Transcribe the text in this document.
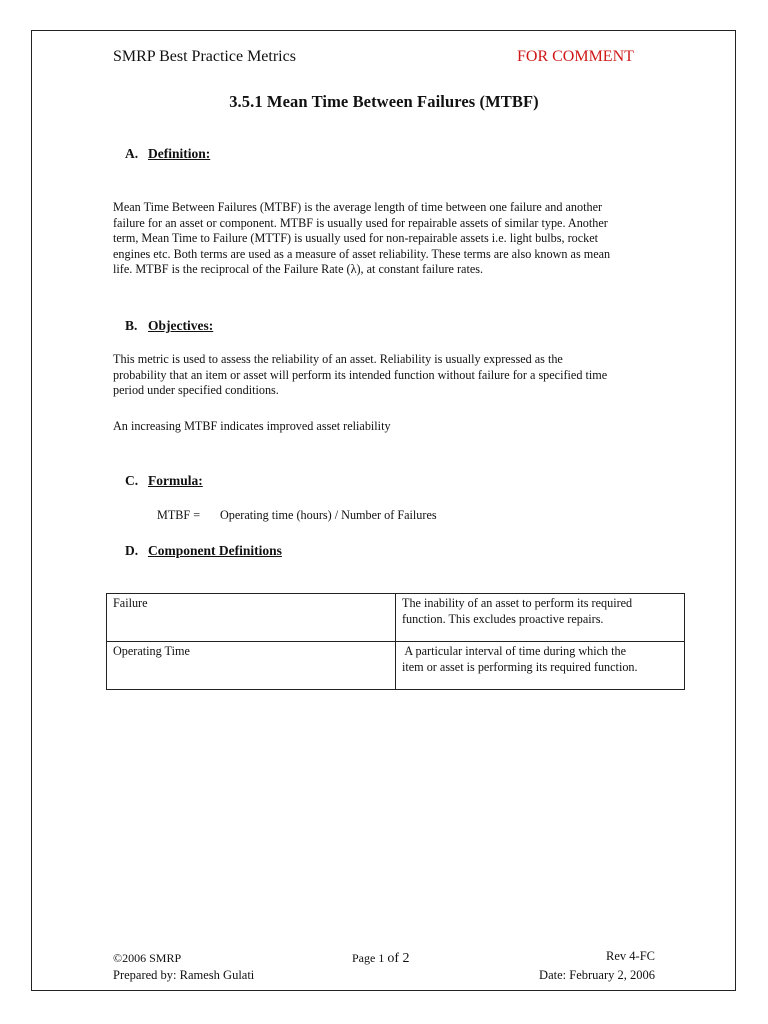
SMRP Best Practice Metrics	FOR COMMENT
3.5.1 Mean Time Between Failures (MTBF)
A. Definition:

Mean Time Between Failures (MTBF) is the average length of time between one failure and another

failure for an asset or component. MTBF is usually used for repairable assets of similar type. Another

term, Mean Time to Failure (MTTF) is usually used for non-repairable assets i.e. light bulbs, rocket

engines etc. Both terms are used as a measure of asset reliability. These terms are also known as mean

life. MTBF is the reciprocal of the Failure Rate (λ), at constant failure rates.

B. Objectives:

This metric is used to assess the reliability of an asset. Reliability is usually expressed as the

probability that an item or asset will perform its intended function without failure for a specified time

period under specified conditions.

An increasing MTBF indicates improved asset reliability

C. Formula:
MTBF = Operating time (hours) / Number of Failures
D. Component Definitions
Failure	The inability of an asset to perform its required
function. This excludes proactive repairs.

Operating Time	A particular interval of time during which the
item or asset is performing its required function.
©2006 SMRP
Prepared by: Ramesh Gulati
Page 1 of 2	Rev 4-FC
Date: February 2, 2006
